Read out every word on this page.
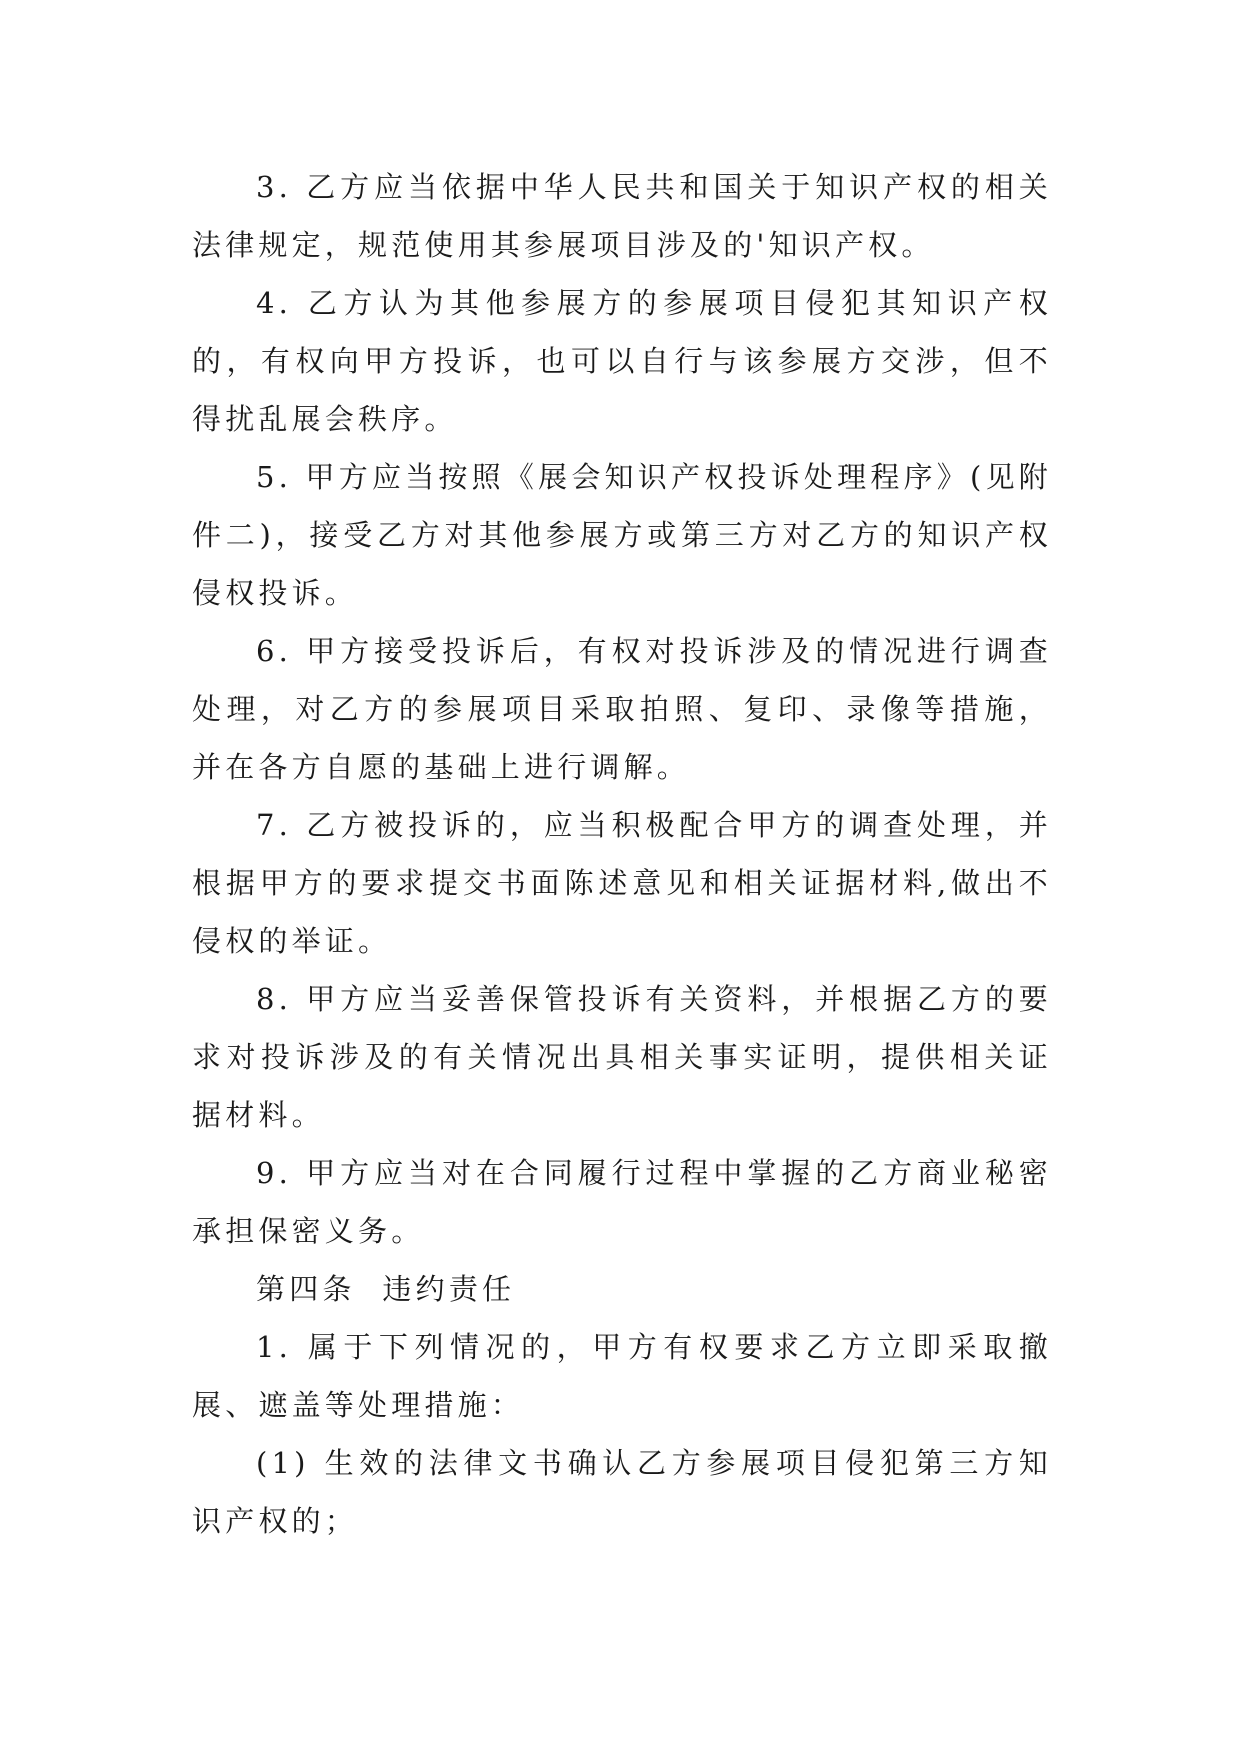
3. 乙方应当依据中华人民共和国关于知识产权的相关法律规定，规范使用其参展项目涉及的'知识产权。

4. 乙方认为其他参展方的参展项目侵犯其知识产权的，有权向甲方投诉，也可以自行与该参展方交涉，但不得扰乱展会秩序。

5. 甲方应当按照《展会知识产权投诉处理程序》(见附件二)，接受乙方对其他参展方或第三方对乙方的知识产权侵权投诉。

6. 甲方接受投诉后，有权对投诉涉及的情况进行调查处理，对乙方的参展项目采取拍照、复印、录像等措施，并在各方自愿的基础上进行调解。

7. 乙方被投诉的，应当积极配合甲方的调查处理，并根据甲方的要求提交书面陈述意见和相关证据材料,做出不侵权的举证。

8. 甲方应当妥善保管投诉有关资料，并根据乙方的要求对投诉涉及的有关情况出具相关事实证明，提供相关证据材料。

9. 甲方应当对在合同履行过程中掌握的乙方商业秘密承担保密义务。

第四条  违约责任

1. 属于下列情况的，甲方有权要求乙方立即采取撤展、遮盖等处理措施：

(1) 生效的法律文书确认乙方参展项目侵犯第三方知识产权的；
